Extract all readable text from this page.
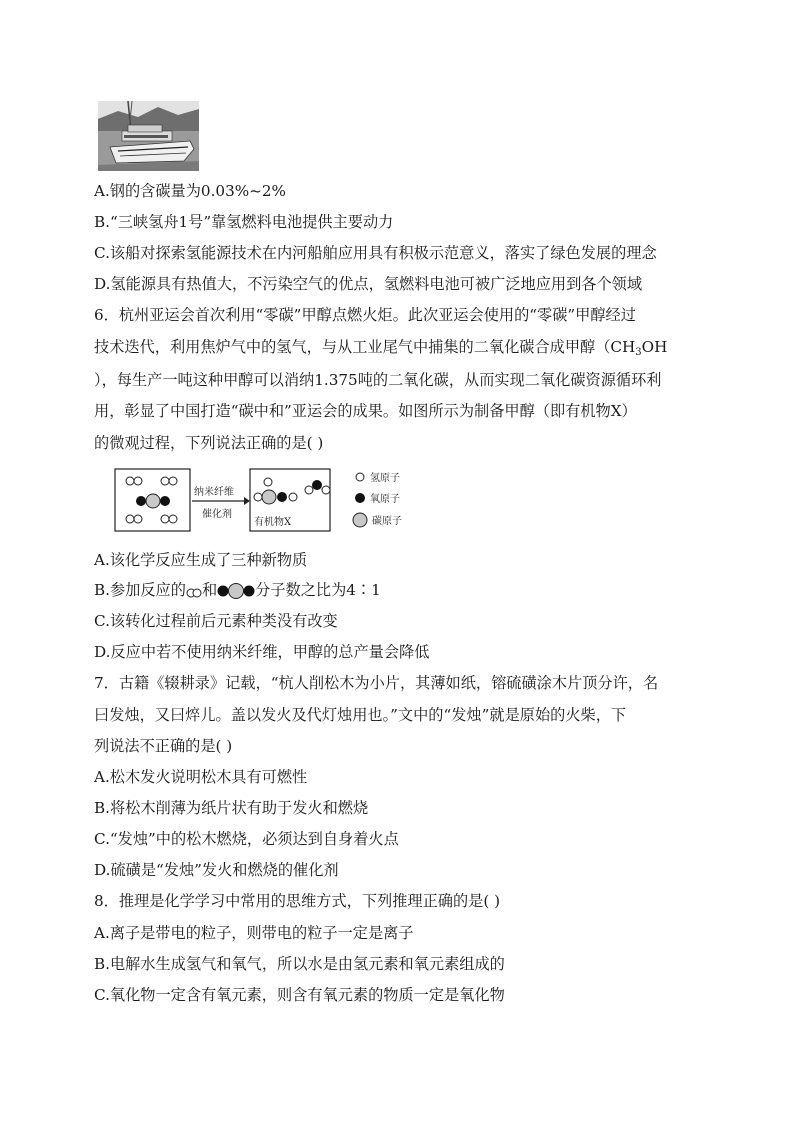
A.钢的含碳量为0.03%~2%
B.“三峡氢舟1号”靠氢燃料电池提供主要动力
C.该船对探索氢能源技术在内河船舶应用具有积极示范意义，落实了绿色发展的理念
D.氢能源具有热值大，不污染空气的优点，氢燃料电池可被广泛地应用到各个领域
6．杭州亚运会首次利用“零碳”甲醇点燃火炬。此次亚运会使用的“零碳”甲醇经过
技术迭代，利用焦炉气中的氢气，与从工业尾气中捕集的二氧化碳合成甲醇（$CH_3OH$
），每生产一吨这种甲醇可以消纳1.375吨的二氧化碳，从而实现二氧化碳资源循环利
用，彰显了中国打造“碳中和”亚运会的成果。如图所示为制备甲醇（即有机物X）
的微观过程，下列说法正确的是( )
纳米纤维
催化剂
有机物X
氢原子
氧原子
碳原子
A.该化学反应生成了三种新物质
B.参加反应的 和	分子数之比为4∶1
C.该转化过程前后元素种类没有改变
D.反应中若不使用纳米纤维，甲醇的总产量会降低
7．古籍《辍耕录》记载，“杭人削松木为小片，其薄如纸，镕硫磺涂木片顶分许，名
曰发烛，又曰焠儿。盖以发火及代灯烛用也。”文中的“发烛”就是原始的火柴，下
列说法不正确的是( )
A.松木发火说明松木具有可燃性
B.将松木削薄为纸片状有助于发火和燃烧
C.“发烛”中的松木燃烧，必须达到自身着火点
D.硫磺是“发烛”发火和燃烧的催化剂
8．推理是化学学习中常用的思维方式，下列推理正确的是( )
A.离子是带电的粒子，则带电的粒子一定是离子
B.电解水生成氢气和氧气，所以水是由氢元素和氧元素组成的
C.氧化物一定含有氧元素，则含有氧元素的物质一定是氧化物
